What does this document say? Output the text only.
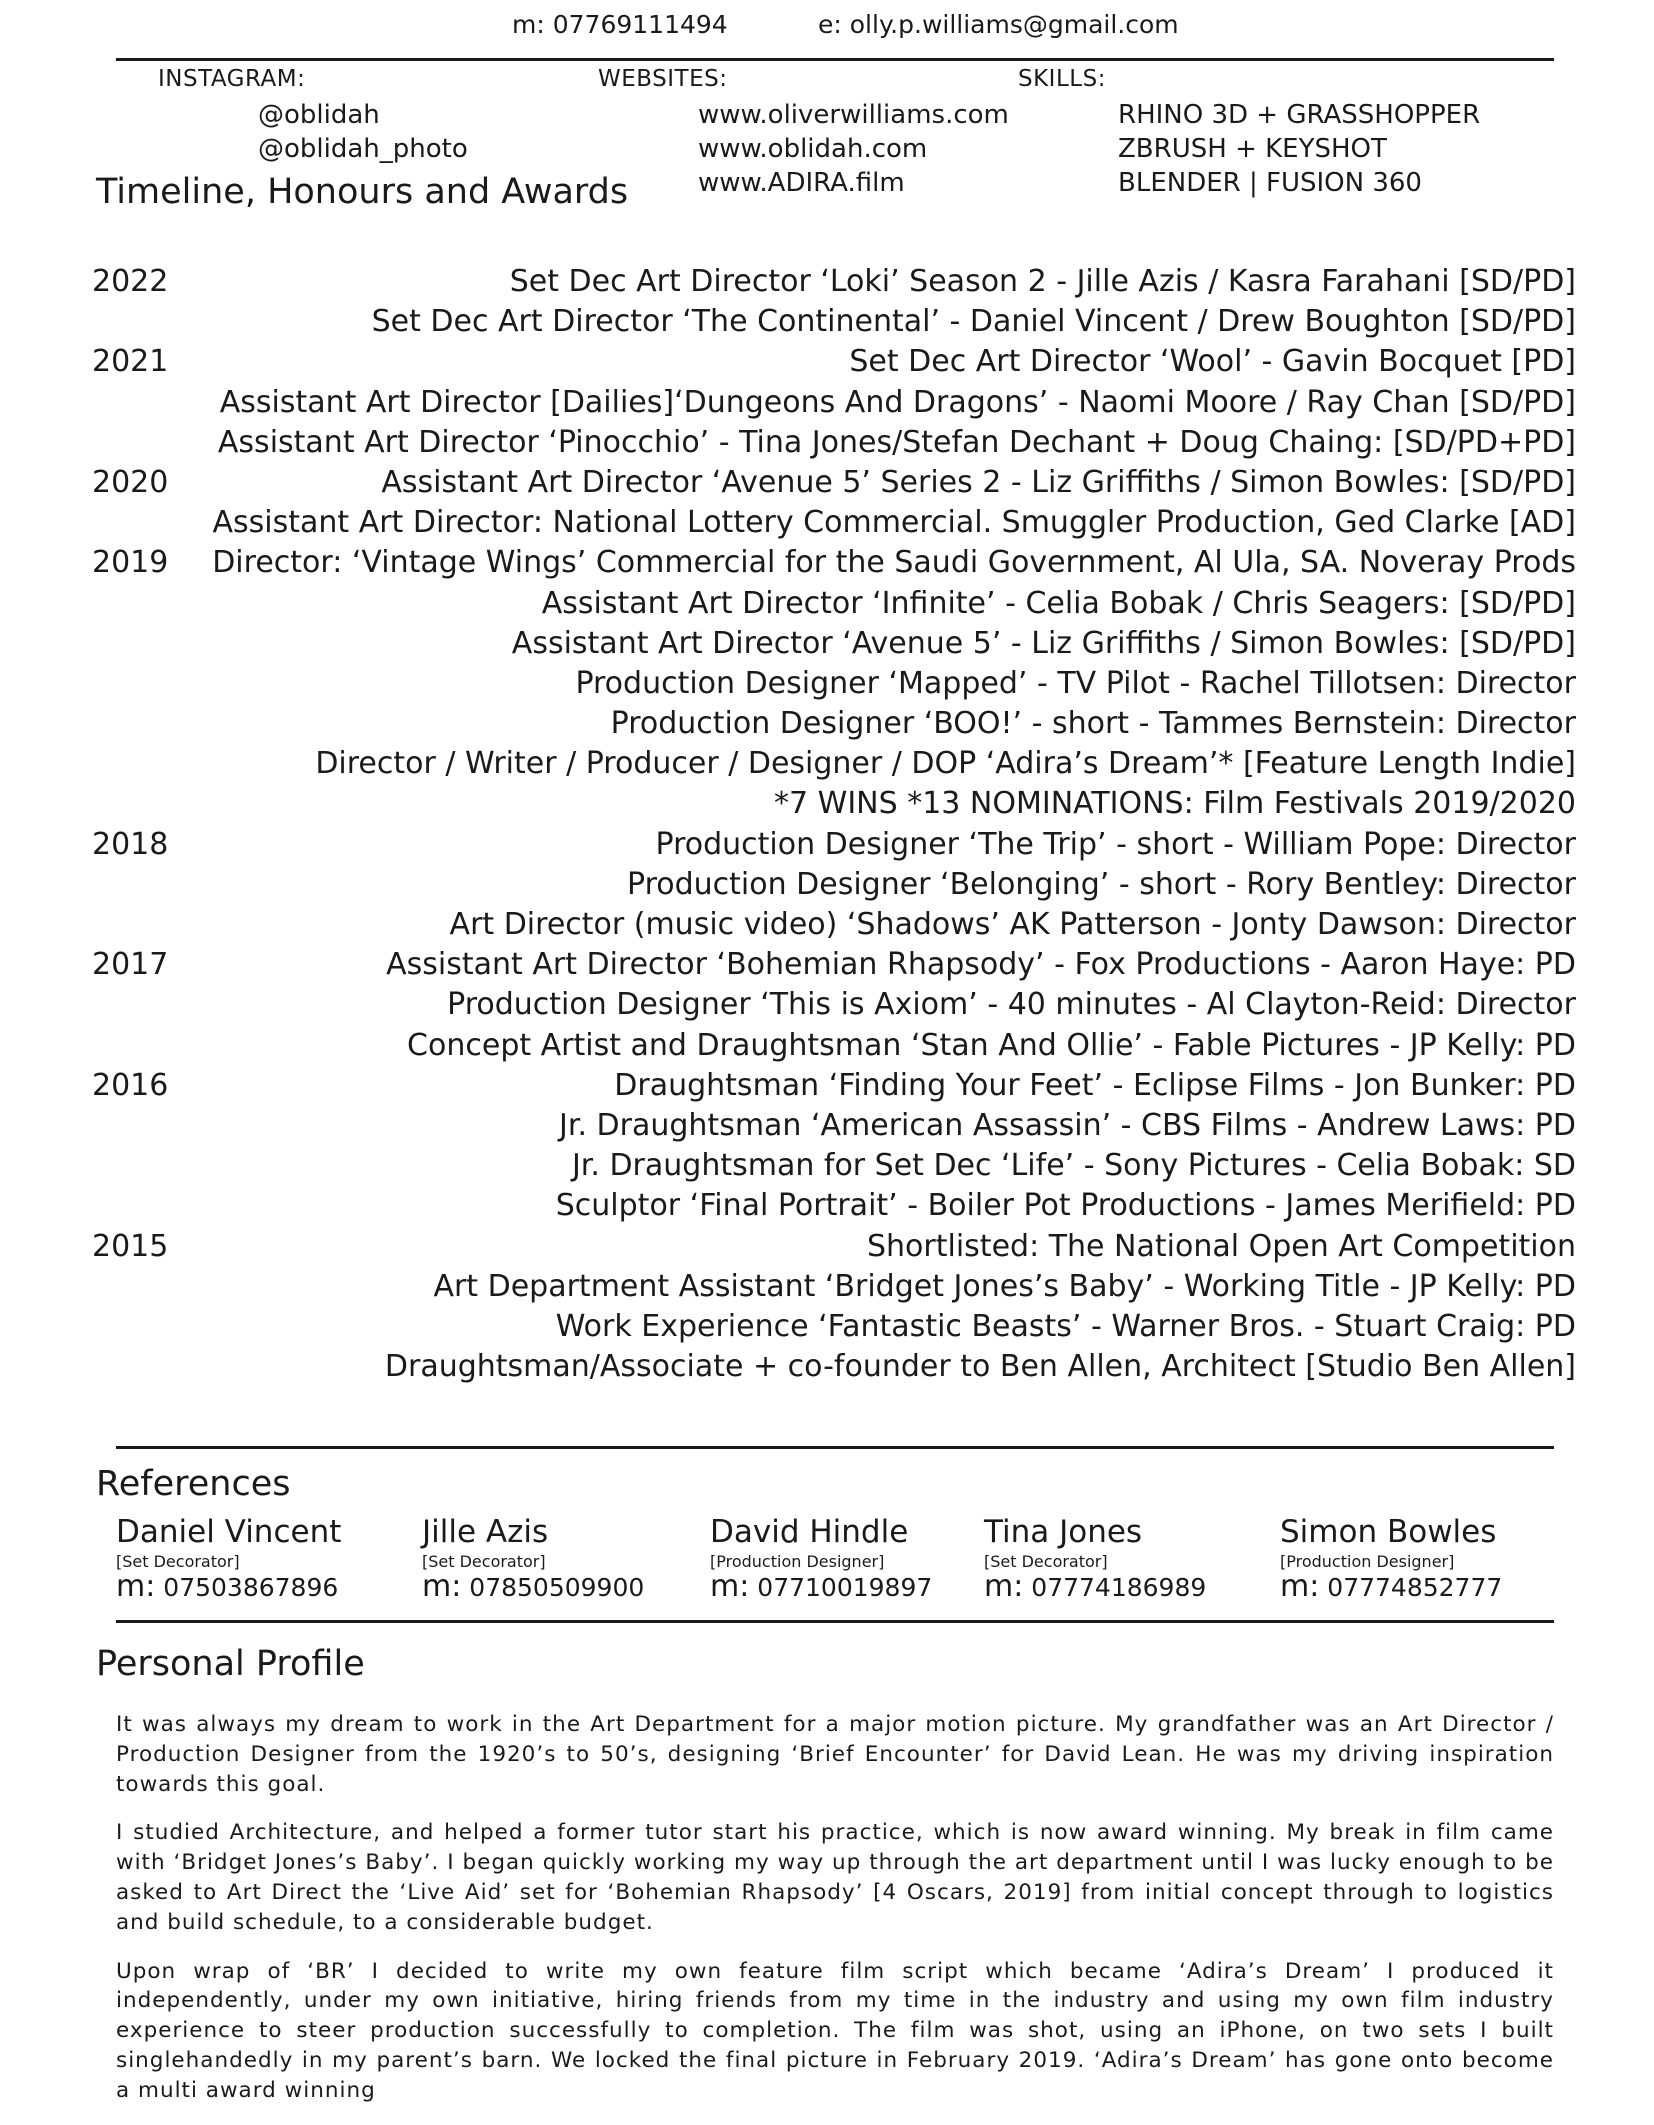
m: 07769111494	e: olly.p.williams@gmail.com
INSTAGRAM:
@oblidah
@oblidah_photo
WEBSITES:
www.oliverwilliams.com
www.oblidah.com
www.ADIRA.film
SKILLS:
RHINO 3D + GRASSHOPPER
ZBRUSH + KEYSHOT
BLENDER | FUSION 360
Timeline, Honours and Awards
2022	Set Dec Art Director ‘Loki’ Season 2 - Jille Azis / Kasra Farahani [SD/PD]
Set Dec Art Director ‘The Continental’ - Daniel Vincent / Drew Boughton [SD/PD]
2021	Set Dec Art Director ‘Wool’ - Gavin Bocquet [PD]
Assistant Art Director [Dailies]‘Dungeons And Dragons’ - Naomi Moore / Ray Chan [SD/PD]
Assistant Art Director ‘Pinocchio’ - Tina Jones/Stefan Dechant + Doug Chaing: [SD/PD+PD]
2020	Assistant Art Director ‘Avenue 5’ Series 2 - Liz Griffiths / Simon Bowles: [SD/PD]
Assistant Art Director: National Lottery Commercial. Smuggler Production, Ged Clarke [AD]
2019 Director: ‘Vintage Wings’ Commercial for the Saudi Government, Al Ula, SA. Noveray Prods
Assistant Art Director ‘Infinite’ - Celia Bobak / Chris Seagers: [SD/PD]
Assistant Art Director ‘Avenue 5’ - Liz Griffiths / Simon Bowles: [SD/PD]
Production Designer ‘Mapped’ - TV Pilot - Rachel Tillotsen: Director
Production Designer ‘BOO!’ - short - Tammes Bernstein: Director
Director / Writer / Producer / Designer / DOP ‘Adira’s Dream’* [Feature Length Indie]
*7 WINS *13 NOMINATIONS: Film Festivals 2019/2020
2018	Production Designer ‘The Trip’ - short - William Pope: Director
Production Designer ‘Belonging’ - short - Rory Bentley: Director
Art Director (music video) ‘Shadows’ AK Patterson - Jonty Dawson: Director
2017	Assistant Art Director ‘Bohemian Rhapsody’ - Fox Productions - Aaron Haye: PD
Production Designer ‘This is Axiom’ - 40 minutes - Al Clayton-Reid: Director
Concept Artist and Draughtsman ‘Stan And Ollie’ - Fable Pictures - JP Kelly: PD
2016	Draughtsman ‘Finding Your Feet’ - Eclipse Films - Jon Bunker: PD
Jr. Draughtsman ‘American Assassin’ - CBS Films - Andrew Laws: PD
Jr. Draughtsman for Set Dec ‘Life’ - Sony Pictures - Celia Bobak: SD
Sculptor ‘Final Portrait’ - Boiler Pot Productions - James Merifield: PD
2015	Shortlisted: The National Open Art Competition
Art Department Assistant ‘Bridget Jones’s Baby’ - Working Title - JP Kelly: PD
Work Experience ‘Fantastic Beasts’ - Warner Bros. - Stuart Craig: PD
Draughtsman/Associate + co-founder to Ben Allen, Architect [Studio Ben Allen]
References
Daniel Vincent
[Set Decorator]
m: 07503867896
Jille Azis
[Set Decorator]
m: 07850509900
David Hindle
[Production Designer]
m: 07710019897
Tina Jones
[Set Decorator]
m: 07774186989
Simon Bowles
[Production Designer]
m: 07774852777
Personal Profile

It was always my dream to work in the Art Department for a major motion picture. My grandfather was an Art Director / Production Designer from the 1920’s to 50’s, designing ‘Brief Encounter’ for David Lean. He was my driving inspiration towards this goal.

I studied Architecture, and helped a former tutor start his practice, which is now award winning. My break in film came with ‘Bridget Jones’s Baby’. I began quickly working my way up through the art department until I was lucky enough to be asked to Art Direct the ‘Live Aid’ set for ‘Bohemian Rhapsody’ [4 Oscars, 2019] from initial concept through to logistics and build schedule, to a considerable budget.

Upon wrap of ‘BR’ I decided to write my own feature film script which became ‘Adira’s Dream’ I produced it independently, under my own initiative, hiring friends from my time in the industry and using my own film industry experience to steer production successfully to completion. The film was shot, using an iPhone, on two sets I built singlehandedly in my parent’s barn. We locked the final picture in February 2019. ‘Adira’s Dream’ has gone onto become a multi award winning
